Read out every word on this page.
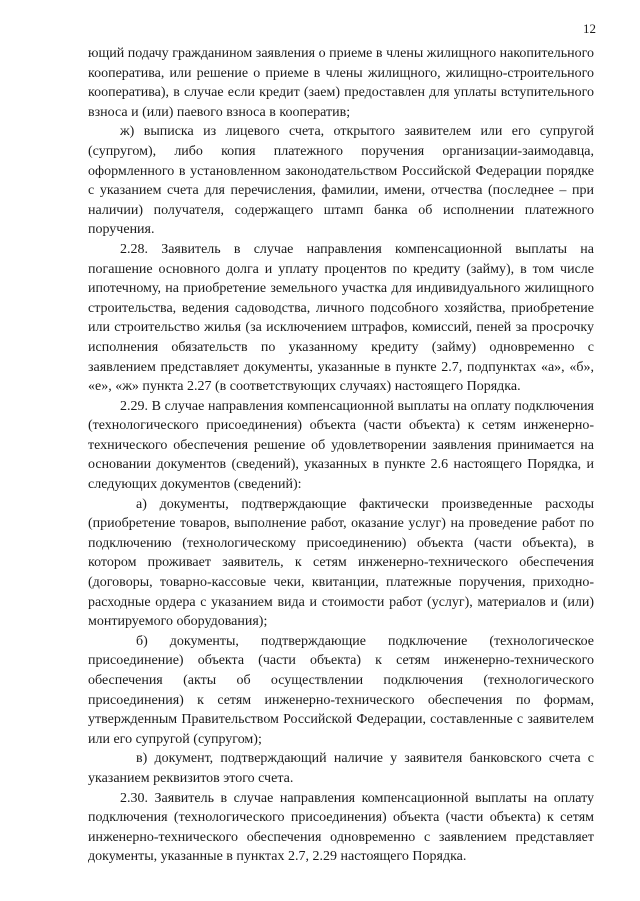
12

ющий подачу гражданином заявления о приеме в члены жилищного накопительного кооператива, или решение о приеме в члены жилищного, жилищно-строительного кооператива), в случае если кредит (заем) предоставлен для уплаты вступительного взноса и (или) паевого взноса в кооператив;

ж) выписка из лицевого счета, открытого заявителем или его супругой (супругом), либо копия платежного поручения организации-заимодавца, оформленного в установленном законодательством Российской Федерации порядке с указанием счета для перечисления, фамилии, имени, отчества (последнее – при наличии) получателя, содержащего штамп банка об исполнении платежного поручения.

2.28. Заявитель в случае направления компенсационной выплаты на погашение основного долга и уплату процентов по кредиту (займу), в том числе ипотечному, на приобретение земельного участка для индивидуального жилищного строительства, ведения садоводства, личного подсобного хозяйства, приобретение или строительство жилья (за исключением штрафов, комиссий, пеней за просрочку исполнения обязательств по указанному кредиту (займу) одновременно с заявлением представляет документы, указанные в пункте 2.7, подпунктах «а», «б», «е», «ж» пункта 2.27 (в соответствующих случаях) настоящего Порядка.

2.29. В случае направления компенсационной выплаты на оплату подключения (технологического присоединения) объекта (части объекта) к сетям инженерно-технического обеспечения решение об удовлетворении заявления принимается на основании документов (сведений), указанных в пункте 2.6 настоящего Порядка, и следующих документов (сведений):

а) документы, подтверждающие фактически произведенные расходы (приобретение товаров, выполнение работ, оказание услуг) на проведение работ по подключению (технологическому присоединению) объекта (части объекта), в котором проживает заявитель, к сетям инженерно-технического обеспечения (договоры, товарно-кассовые чеки, квитанции, платежные поручения, приходно-расходные ордера с указанием вида и стоимости работ (услуг), материалов и (или) монтируемого оборудования);

б) документы, подтверждающие подключение (технологическое присоединение) объекта (части объекта) к сетям инженерно-технического обеспечения (акты об осуществлении подключения (технологического присоединения) к сетям инженерно-технического обеспечения по формам, утвержденным Правительством Российской Федерации, составленные с заявителем или его супругой (супругом);

в) документ, подтверждающий наличие у заявителя банковского счета с указанием реквизитов этого счета.

2.30. Заявитель в случае направления компенсационной выплаты на оплату подключения (технологического присоединения) объекта (части объекта) к сетям инженерно-технического обеспечения одновременно с заявлением представляет документы, указанные в пунктах 2.7, 2.29 настоящего Порядка.
